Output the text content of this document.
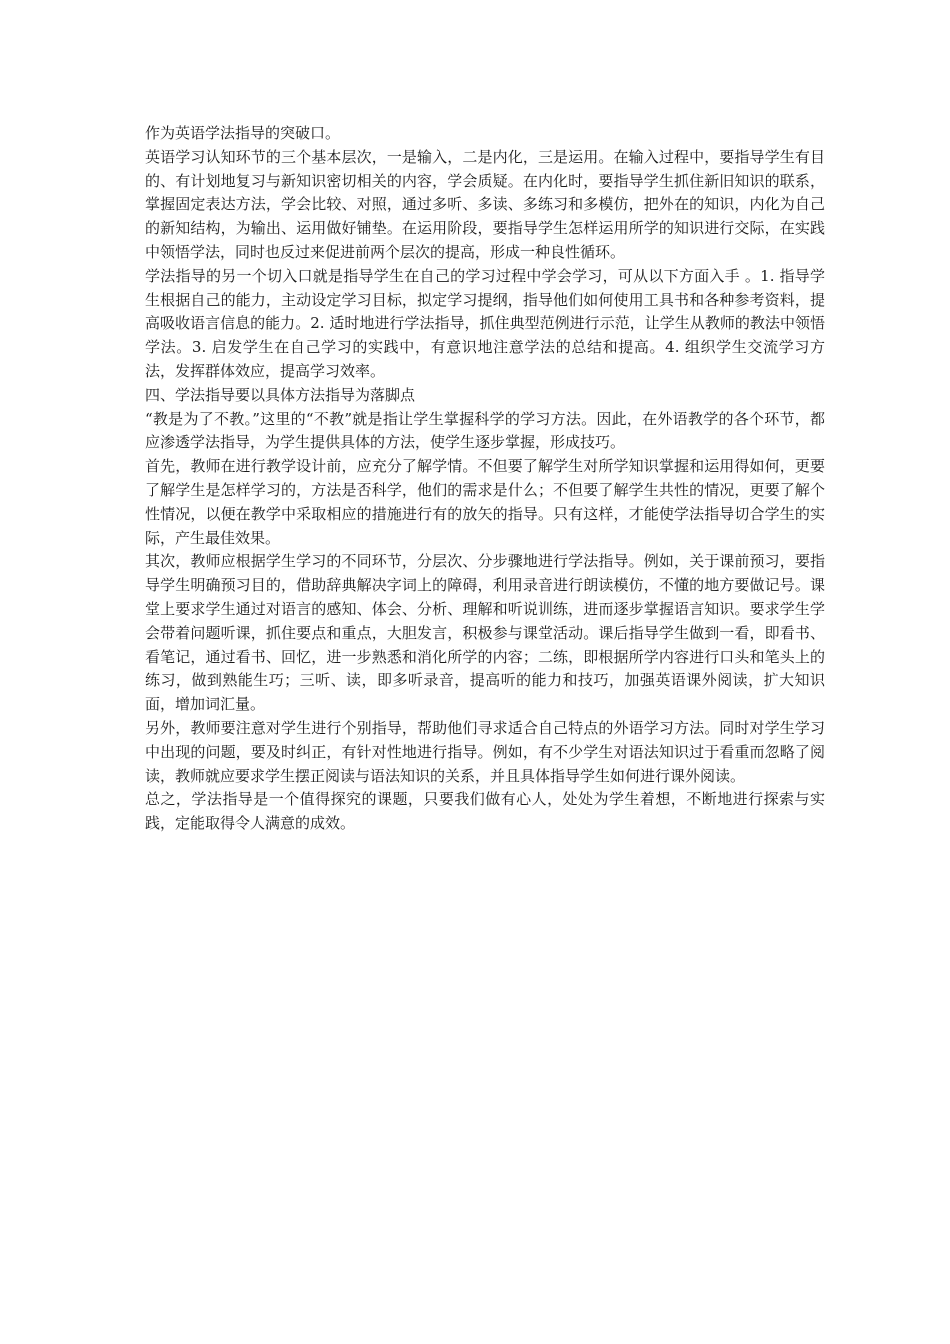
作为英语学法指导的突破口。

英语学习认知环节的三个基本层次，一是输入，二是内化，三是运用。在输入过程中，要指导学生有目的、有计划地复习与新知识密切相关的内容，学会质疑。在内化时，要指导学生抓住新旧知识的联系，掌握固定表达方法，学会比较、对照，通过多听、多读、多练习和多模仿，把外在的知识，内化为自己的新知结构，为输出、运用做好铺垫。在运用阶段，要指导学生怎样运用所学的知识进行交际，在实践中领悟学法，同时也反过来促进前两个层次的提高，形成一种良性循环。

学法指导的另一个切入口就是指导学生在自己的学习过程中学会学习，可从以下方面入手 。1. 指导学生根据自己的能力，主动设定学习目标，拟定学习提纲，指导他们如何使用工具书和各种参考资料，提高吸收语言信息的能力。2. 适时地进行学法指导，抓住典型范例进行示范，让学生从教师的教法中领悟学法。3. 启发学生在自己学习的实践中，有意识地注意学法的总结和提高。4. 组织学生交流学习方法，发挥群体效应，提高学习效率。

四、学法指导要以具体方法指导为落脚点

“教是为了不教。”这里的“不教”就是指让学生掌握科学的学习方法。因此，在外语教学的各个环节，都应渗透学法指导，为学生提供具体的方法，使学生逐步掌握，形成技巧。

首先，教师在进行教学设计前，应充分了解学情。不但要了解学生对所学知识掌握和运用得如何，更要了解学生是怎样学习的，方法是否科学，他们的需求是什么；不但要了解学生共性的情况，更要了解个性情况，以便在教学中采取相应的措施进行有的放矢的指导。只有这样，才能使学法指导切合学生的实际，产生最佳效果。

其次，教师应根据学生学习的不同环节，分层次、分步骤地进行学法指导。例如，关于课前预习，要指导学生明确预习目的，借助辞典解决字词上的障碍，利用录音进行朗读模仿，不懂的地方要做记号。课堂上要求学生通过对语言的感知、体会、分析、理解和听说训练，进而逐步掌握语言知识。要求学生学会带着问题听课，抓住要点和重点，大胆发言，积极参与课堂活动。课后指导学生做到一看，即看书、看笔记，通过看书、回忆，进一步熟悉和消化所学的内容；二练，即根据所学内容进行口头和笔头上的练习，做到熟能生巧；三听、读，即多听录音，提高听的能力和技巧，加强英语课外阅读，扩大知识面，增加词汇量。

另外，教师要注意对学生进行个别指导，帮助他们寻求适合自己特点的外语学习方法。同时对学生学习中出现的问题，要及时纠正，有针对性地进行指导。例如，有不少学生对语法知识过于看重而忽略了阅读，教师就应要求学生摆正阅读与语法知识的关系，并且具体指导学生如何进行课外阅读。

总之，学法指导是一个值得探究的课题，只要我们做有心人，处处为学生着想，不断地进行探索与实践，定能取得令人满意的成效。
